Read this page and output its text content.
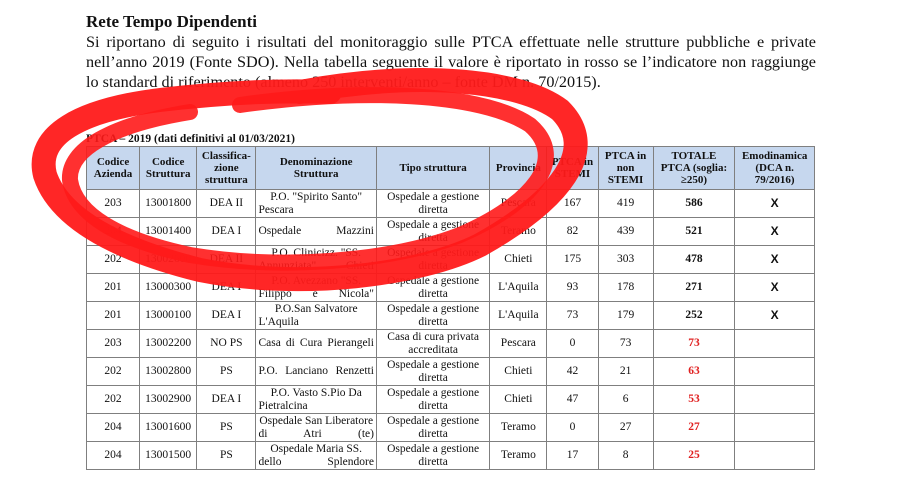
Rete Tempo Dipendenti

Si riportano di seguito i risultati del monitoraggio sulle PTCA effettuate nelle strutture pubbliche e private nell’anno 2019 (Fonte SDO). Nella tabella seguente il valore è riportato in rosso se l’indicatore non raggiunge lo standard di riferimento (almeno 250 interventi/anno – fonte DM n. 70/2015).

PTCA – 2019 (dati definitivi al 01/03/2021)
Codice Azienda	Codice Struttura	Classifica-zione struttura	Denominazione Struttura	Tipo struttura	Provincia	PTCA in STEMI	PTCA in non STEMI	TOTALE PTCA (soglia: ≥250)	Emodinamica (DCA n. 79/2016)
203	13001800	DEA II	P.O. "Spirito Santo" Pescara	Ospedale a gestione diretta	Pescara	167	419	586	X
204	13001400	DEA I	Ospedale Mazzini	Ospedale a gestione diretta	Teramo	82	439	521	X
202	13002600	DEA II	P.O. Clinicizz. "SS. Annunziata" Chieti	Ospedale a gestione diretta	Chieti	175	303	478	X
201	13000300	DEA I	P.O. Avezzano "SS. Filippo e Nicola"	Ospedale a gestione diretta	L'Aquila	93	178	271	X
201	13000100	DEA I	P.O.San Salvatore L'Aquila	Ospedale a gestione diretta	L'Aquila	73	179	252	X
203	13002200	NO PS	Casa di Cura Pierangeli	Casa di cura privata accreditata	Pescara	0	73	73	
202	13002800	PS	P.O. Lanciano Renzetti	Ospedale a gestione diretta	Chieti	42	21	63	
202	13002900	DEA I	P.O. Vasto S.Pio Da Pietralcina	Ospedale a gestione diretta	Chieti	47	6	53	
204	13001600	PS	Ospedale San Liberatore di Atri (te)	Ospedale a gestione diretta	Teramo	0	27	27	
204	13001500	PS	Ospedale Maria SS. dello Splendore	Ospedale a gestione diretta	Teramo	17	8	25	
